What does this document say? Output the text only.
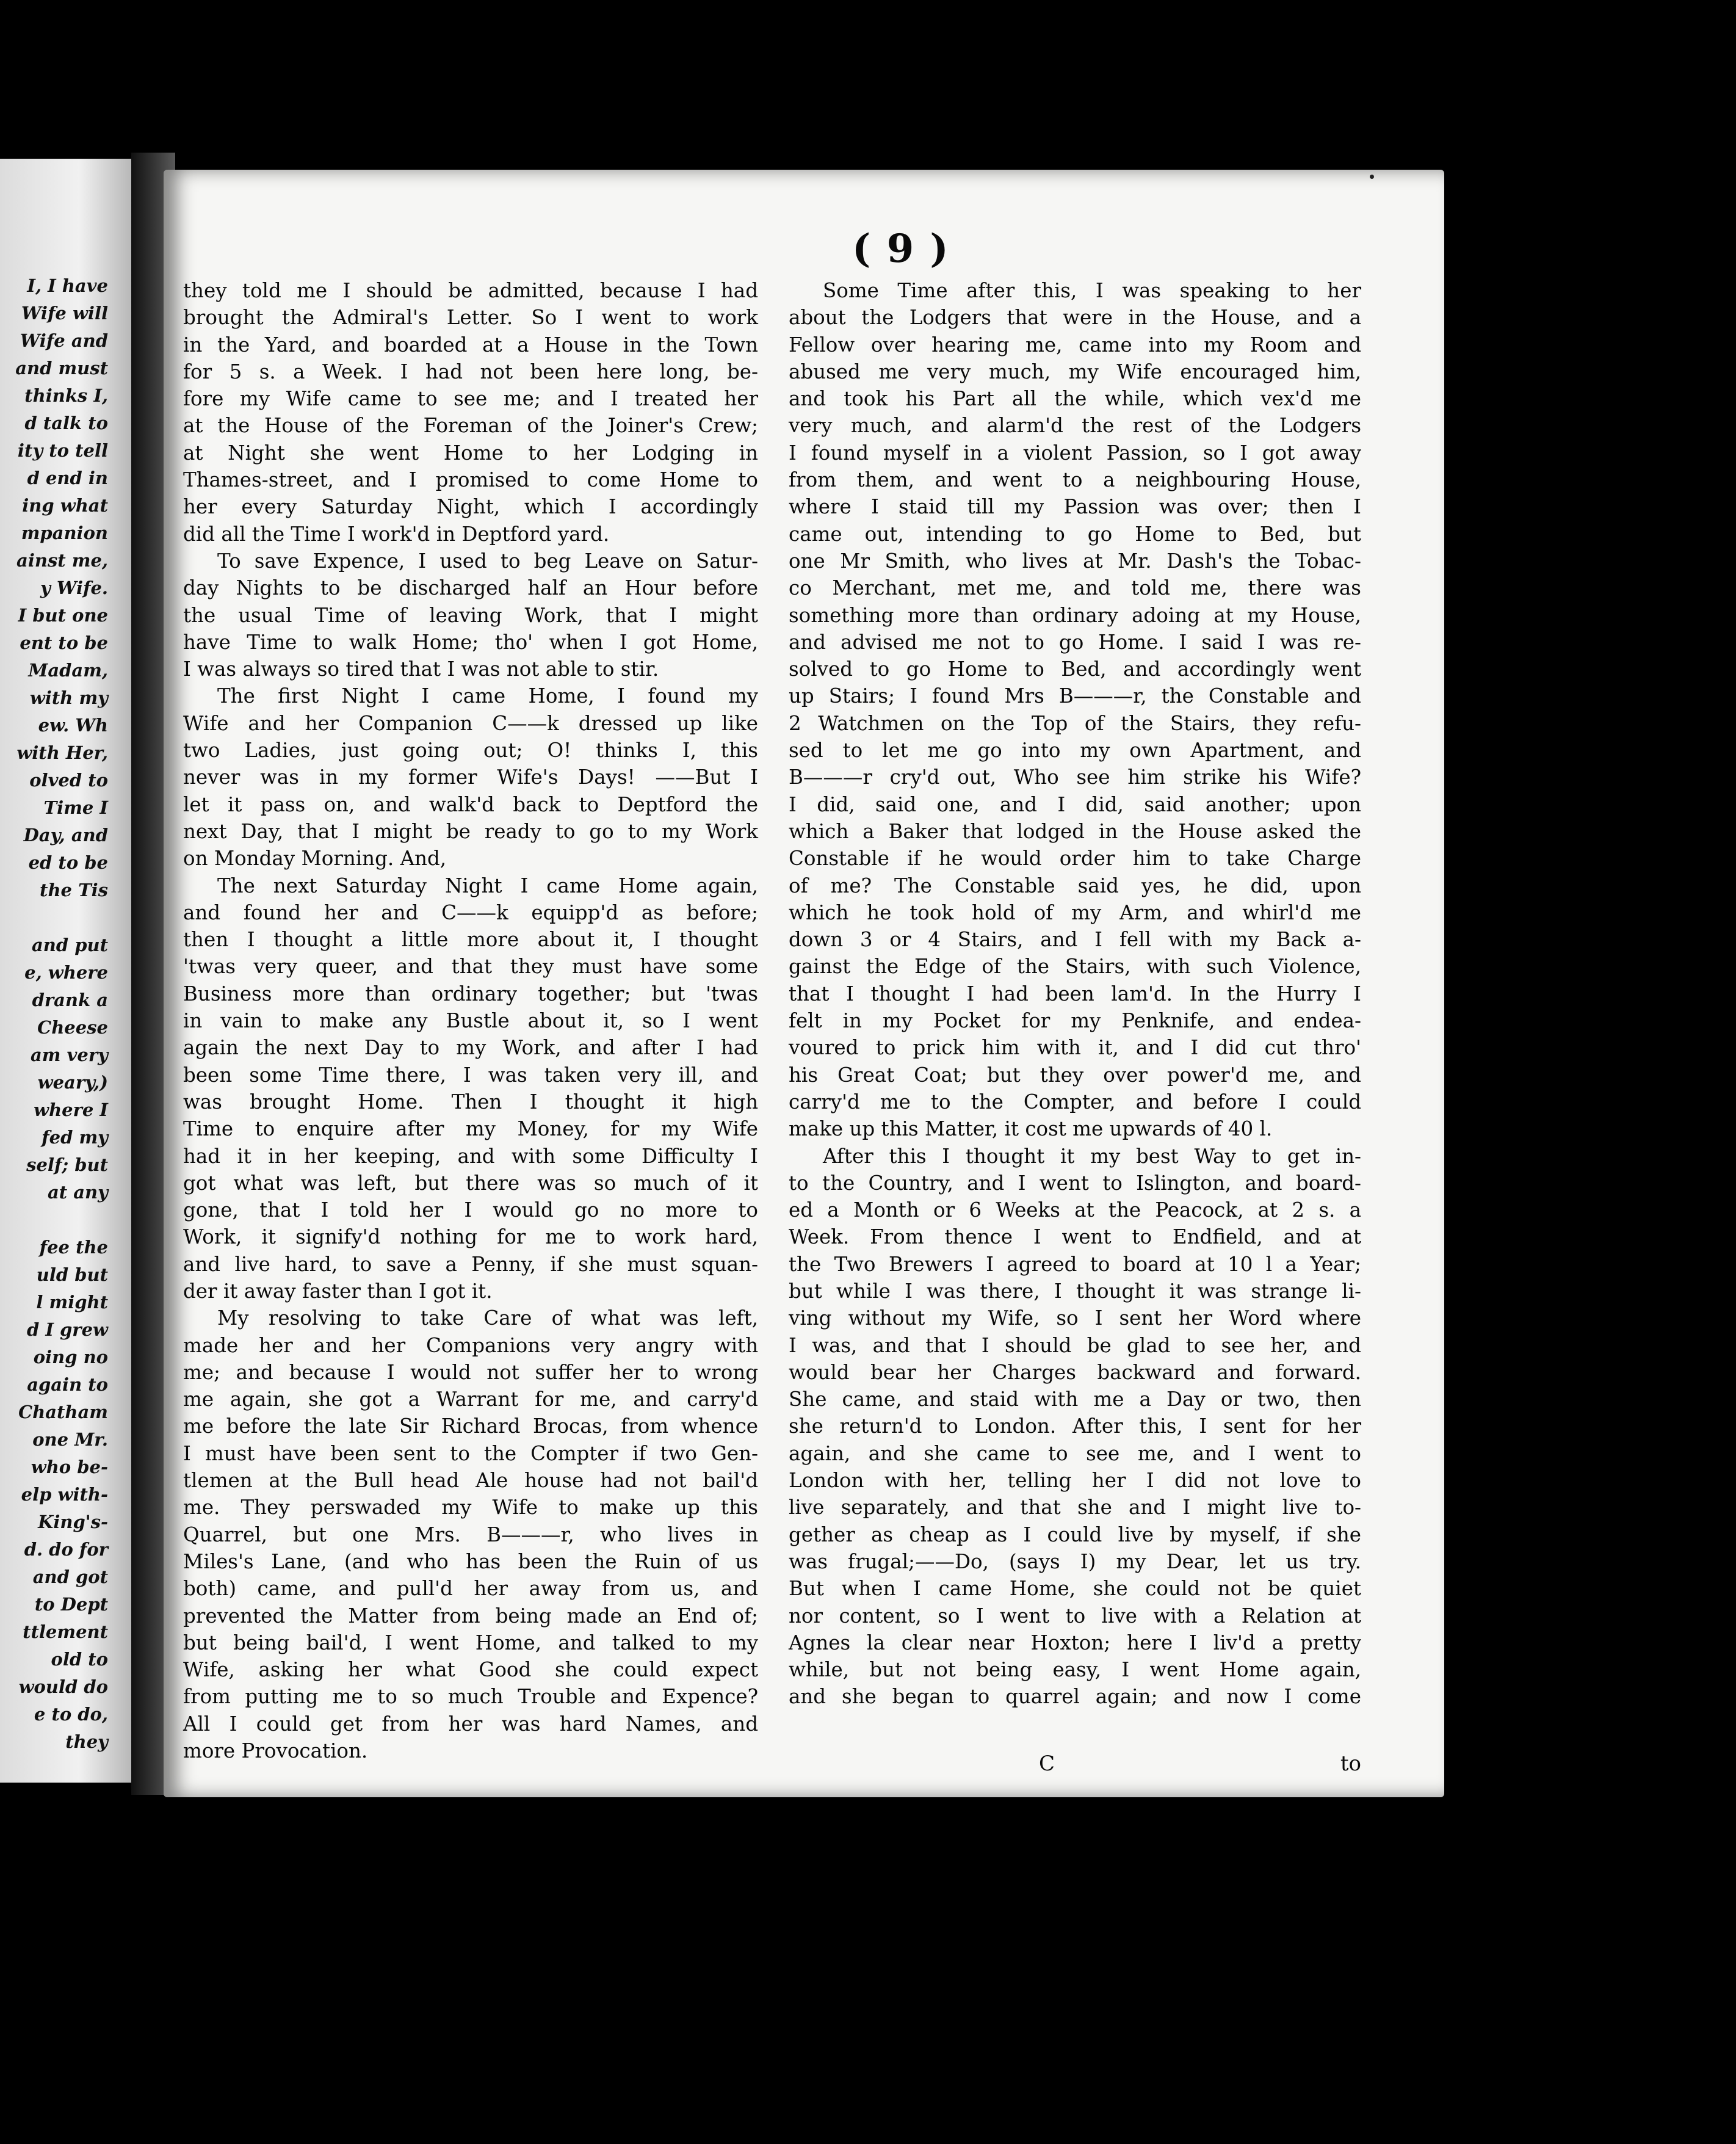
I, I have
Wife will
Wife and
and must
thinks I,
d talk to
ity to tell
d end in
ing what
mpanion
ainst me,
y Wife.
I but one
ent to be
Madam,
with my
ew. Wh
with Her,
olved to
Time I
Day, and
ed to be
the Tis
and put
e, where
drank a
Cheese
am very
weary,)
where I
fed my
self; but
at any
fee the
uld but
l might
d I grew
oing no
again to
Chatham
one Mr.
who be-
elp with-
King's-
d. do for
and got
to Dept
ttlement
old to
would do
e to do,
they
( 9 )
they told me I should be admitted, because I had
brought the Admiral's Letter. So I went to work
in the Yard, and boarded at a House in the Town
for 5 s. a Week. I had not been here long, be-
fore my Wife came to see me; and I treated her
at the House of the Foreman of the Joiner's Crew;
at Night she went Home to her Lodging in
Thames-street, and I promised to come Home to
her every Saturday Night, which I accordingly
did all the Time I work'd in Deptford yard.
To save Expence, I used to beg Leave on Satur-
day Nights to be discharged half an Hour before
the usual Time of leaving Work, that I might
have Time to walk Home; tho' when I got Home,
I was always so tired that I was not able to stir.
The first Night I came Home, I found my
Wife and her Companion C——k dressed up like
two Ladies, just going out; O! thinks I, this
never was in my former Wife's Days! ——But I
let it pass on, and walk'd back to Deptford the
next Day, that I might be ready to go to my Work
on Monday Morning. And,
The next Saturday Night I came Home again,
and found her and C——k equipp'd as before;
then I thought a little more about it, I thought
'twas very queer, and that they must have some
Business more than ordinary together; but 'twas
in vain to make any Bustle about it, so I went
again the next Day to my Work, and after I had
been some Time there, I was taken very ill, and
was brought Home. Then I thought it high
Time to enquire after my Money, for my Wife
had it in her keeping, and with some Difficulty I
got what was left, but there was so much of it
gone, that I told her I would go no more to
Work, it signify'd nothing for me to work hard,
and live hard, to save a Penny, if she must squan-
der it away faster than I got it.
My resolving to take Care of what was left,
made her and her Companions very angry with
me; and because I would not suffer her to wrong
me again, she got a Warrant for me, and carry'd
me before the late Sir Richard Brocas, from whence
I must have been sent to the Compter if two Gen-
tlemen at the Bull head Ale house had not bail'd
me. They perswaded my Wife to make up this
Quarrel, but one Mrs. B———r, who lives in
Miles's Lane, (and who has been the Ruin of us
both) came, and pull'd her away from us, and
prevented the Matter from being made an End of;
but being bail'd, I went Home, and talked to my
Wife, asking her what Good she could expect
from putting me to so much Trouble and Expence?
All I could get from her was hard Names, and
more Provocation.
Some Time after this, I was speaking to her
about the Lodgers that were in the House, and a
Fellow over hearing me, came into my Room and
abused me very much, my Wife encouraged him,
and took his Part all the while, which vex'd me
very much, and alarm'd the rest of the Lodgers
I found myself in a violent Passion, so I got away
from them, and went to a neighbouring House,
where I staid till my Passion was over; then I
came out, intending to go Home to Bed, but
one Mr Smith, who lives at Mr. Dash's the Tobac-
co Merchant, met me, and told me, there was
something more than ordinary adoing at my House,
and advised me not to go Home. I said I was re-
solved to go Home to Bed, and accordingly went
up Stairs; I found Mrs B———r, the Constable and
2 Watchmen on the Top of the Stairs, they refu-
sed to let me go into my own Apartment, and
B———r cry'd out, Who see him strike his Wife?
I did, said one, and I did, said another; upon
which a Baker that lodged in the House asked the
Constable if he would order him to take Charge
of me? The Constable said yes, he did, upon
which he took hold of my Arm, and whirl'd me
down 3 or 4 Stairs, and I fell with my Back a-
gainst the Edge of the Stairs, with such Violence,
that I thought I had been lam'd. In the Hurry I
felt in my Pocket for my Penknife, and endea-
voured to prick him with it, and I did cut thro'
his Great Coat; but they over power'd me, and
carry'd me to the Compter, and before I could
make up this Matter, it cost me upwards of 40 l.
After this I thought it my best Way to get in-
to the Country, and I went to Islington, and board-
ed a Month or 6 Weeks at the Peacock, at 2 s. a
Week. From thence I went to Endfield, and at
the Two Brewers I agreed to board at 10 l a Year;
but while I was there, I thought it was strange li-
ving without my Wife, so I sent her Word where
I was, and that I should be glad to see her, and
would bear her Charges backward and forward.
She came, and staid with me a Day or two, then
she return'd to London. After this, I sent for her
again, and she came to see me, and I went to
London with her, telling her I did not love to
live separately, and that she and I might live to-
gether as cheap as I could live by myself, if she
was frugal;——Do, (says I) my Dear, let us try.
But when I came Home, she could not be quiet
nor content, so I went to live with a Relation at
Agnes la clear near Hoxton; here I liv'd a pretty
while, but not being easy, I went Home again,
and she began to quarrel again; and now I come
C	to
